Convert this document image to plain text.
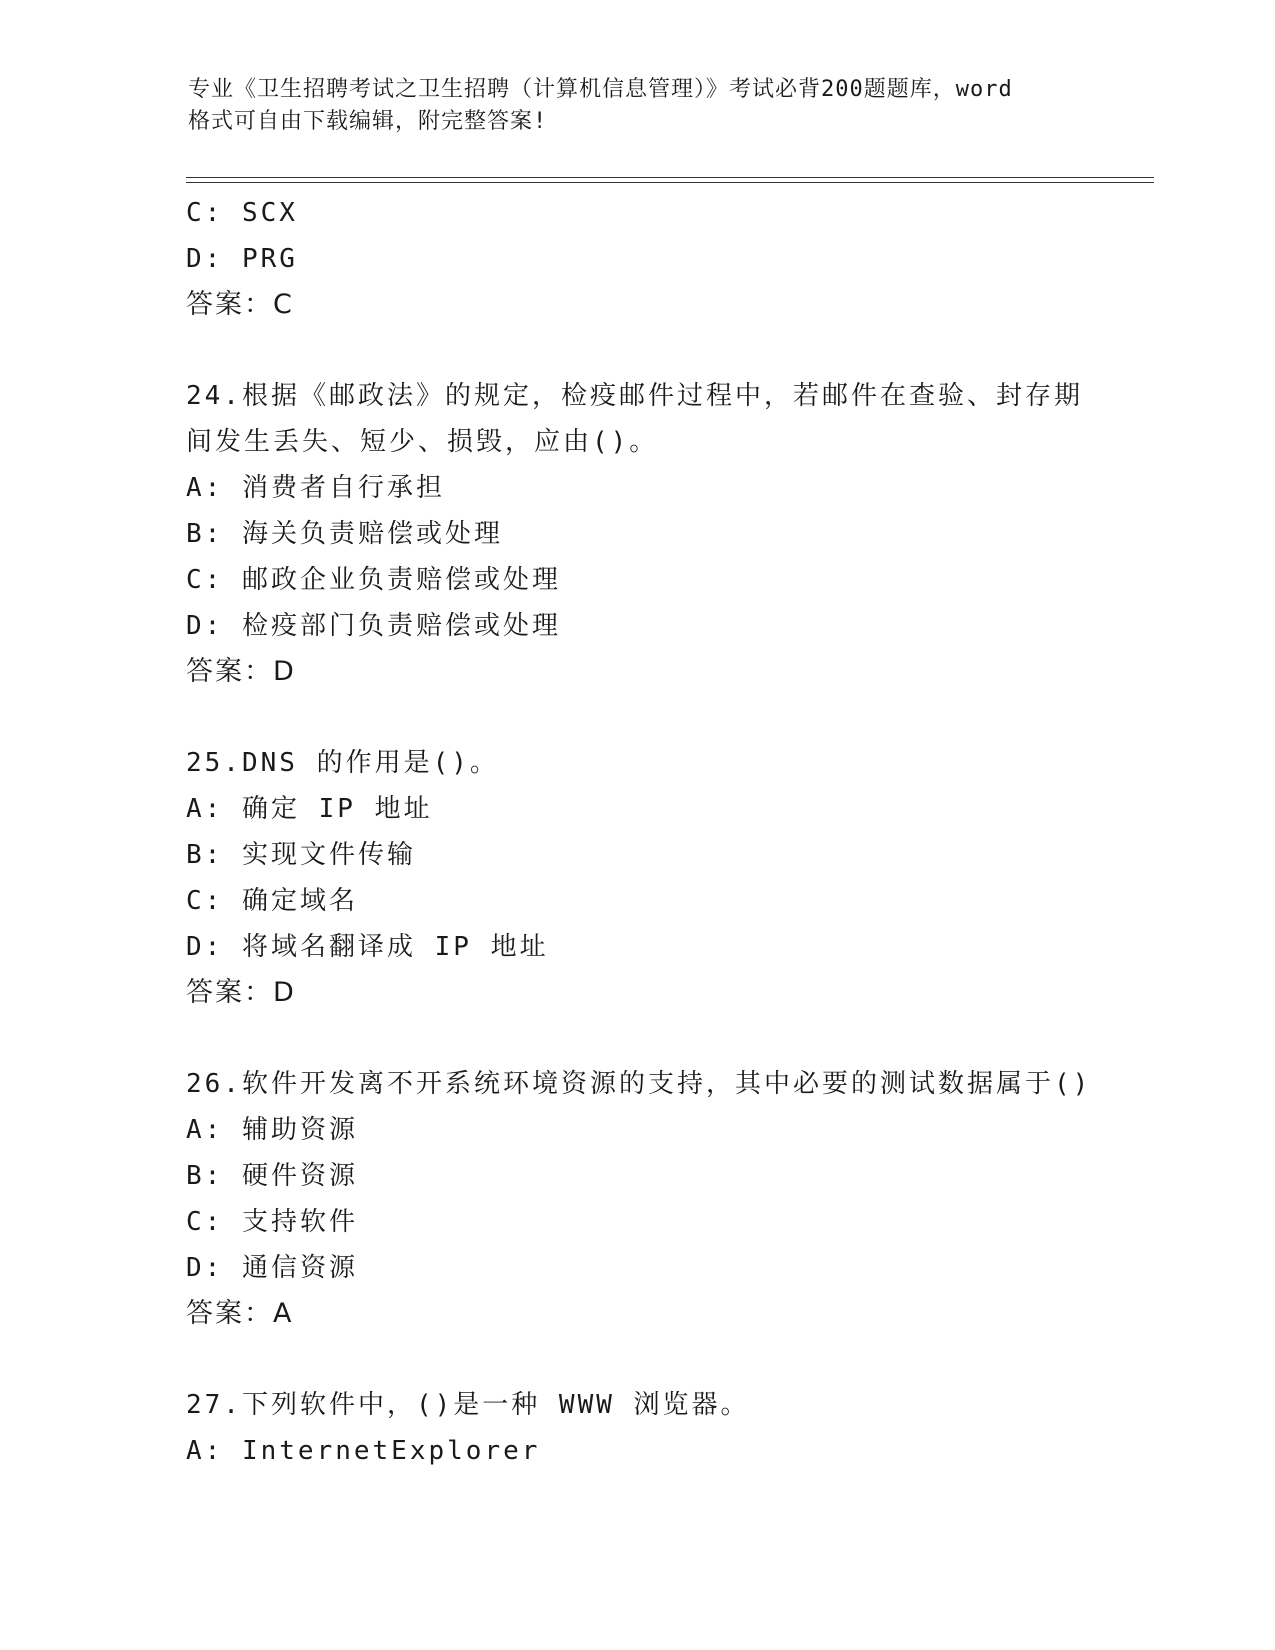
专业《卫生招聘考试之卫生招聘（计算机信息管理）》考试必背200题题库，word
格式可自由下载编辑，附完整答案!
C: SCX
D: PRG
答案：C
24.根据《邮政法》的规定，检疫邮件过程中，若邮件在查验、封存期
间发生丢失、短少、损毁，应由()。
A: 消费者自行承担
B: 海关负责赔偿或处理
C: 邮政企业负责赔偿或处理
D: 检疫部门负责赔偿或处理
答案：D
25.DNS 的作用是()。
A: 确定 IP 地址
B: 实现文件传输
C: 确定域名
D: 将域名翻译成 IP 地址
答案：D
26.软件开发离不开系统环境资源的支持，其中必要的测试数据属于()
A: 辅助资源
B: 硬件资源
C: 支持软件
D: 通信资源
答案：A
27.下列软件中，()是一种 WWW 浏览器。
A: InternetExplorer
